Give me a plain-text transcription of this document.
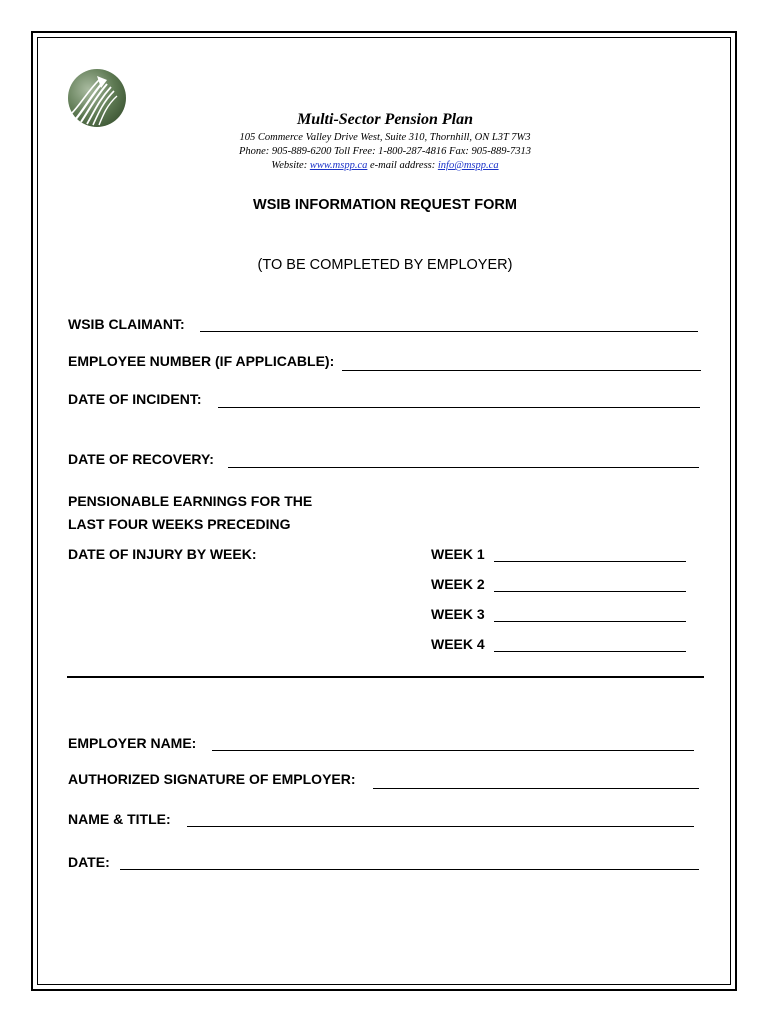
Multi-Sector Pension Plan
105 Commerce Valley Drive West, Suite 310, Thornhill, ON L3T 7W3
Phone: 905-889-6200 Toll Free: 1-800-287-4816 Fax: 905-889-7313
Website: www.mspp.ca e-mail address: info@mspp.ca
WSIB INFORMATION REQUEST FORM
(TO BE COMPLETED BY EMPLOYER)
WSIB CLAIMANT:
EMPLOYEE NUMBER (IF APPLICABLE):
DATE OF INCIDENT:
DATE OF RECOVERY:
PENSIONABLE EARNINGS FOR THE
LAST FOUR WEEKS PRECEDING
DATE OF INJURY BY WEEK:	WEEK 1
WEEK 2
WEEK 3
WEEK 4
EMPLOYER NAME:
AUTHORIZED SIGNATURE OF EMPLOYER:
NAME & TITLE:
DATE:
